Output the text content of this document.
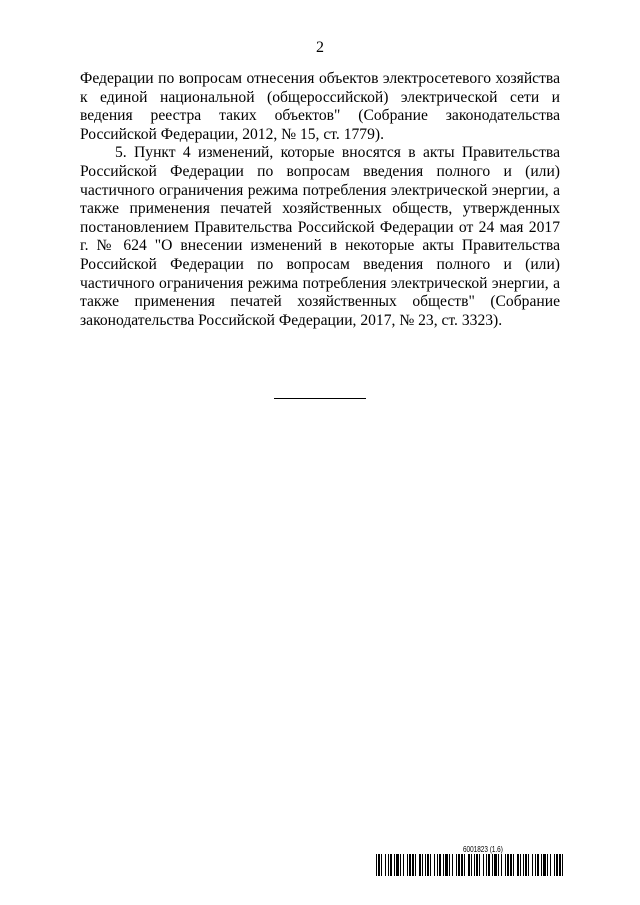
2

Федерации по вопросам отнесения объектов электросетевого хозяйства к единой национальной (общероссийской) электрической сети и ведения реестра таких объектов" (Собрание законодательства Российской Федерации, 2012, № 15, ст. 1779).

5. Пункт 4 изменений, которые вносятся в акты Правительства Российской Федерации по вопросам введения полного и (или) частичного ограничения режима потребления электрической энергии, а также применения печатей хозяйственных обществ, утвержденных постановлением Правительства Российской Федерации от 24 мая 2017 г. № 624 "О внесении изменений в некоторые акты Правительства Российской Федерации по вопросам введения полного и (или) частичного ограничения режима потребления электрической энергии, а также применения печатей хозяйственных обществ" (Собрание законодательства Российской Федерации, 2017, № 23, ст. 3323).

6001823 (1.6)
